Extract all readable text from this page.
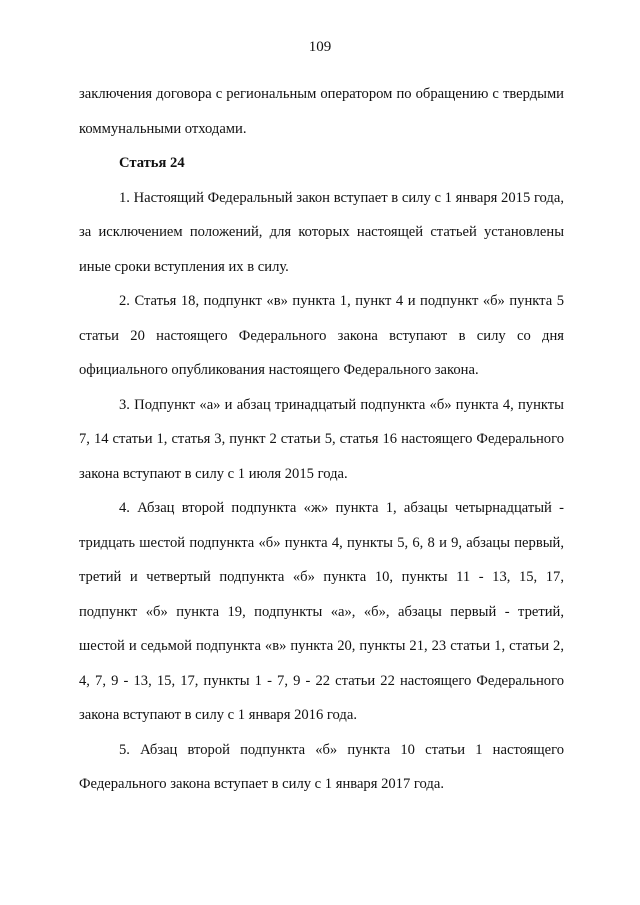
109

заключения договора с региональным оператором по обращению с твердыми коммунальными отходами.

Статья 24

1. Настоящий Федеральный закон вступает в силу с 1 января 2015 года, за исключением положений, для которых настоящей статьей установлены иные сроки вступления их в силу.

2. Статья 18, подпункт «в» пункта 1, пункт 4 и подпункт «б» пункта 5 статьи 20 настоящего Федерального закона вступают в силу со дня официального опубликования настоящего Федерального закона.

3. Подпункт «а» и абзац тринадцатый подпункта «б» пункта 4, пункты 7, 14 статьи 1, статья 3, пункт 2 статьи 5, статья 16 настоящего Федерального закона вступают в силу с 1 июля 2015 года.

4. Абзац второй подпункта «ж» пункта 1, абзацы четырнадцатый - тридцать шестой подпункта «б» пункта 4, пункты 5, 6, 8 и 9, абзацы первый, третий и четвертый подпункта «б» пункта 10, пункты 11 - 13, 15, 17, подпункт «б» пункта 19, подпункты «а», «б», абзацы первый - третий, шестой и седьмой подпункта «в» пункта 20, пункты 21, 23 статьи 1, статьи 2, 4, 7, 9 - 13, 15, 17, пункты 1 - 7, 9 - 22 статьи 22 настоящего Федерального закона вступают в силу с 1 января 2016 года.

5. Абзац второй подпункта «б» пункта 10 статьи 1 настоящего Федерального закона вступает в силу с 1 января 2017 года.
